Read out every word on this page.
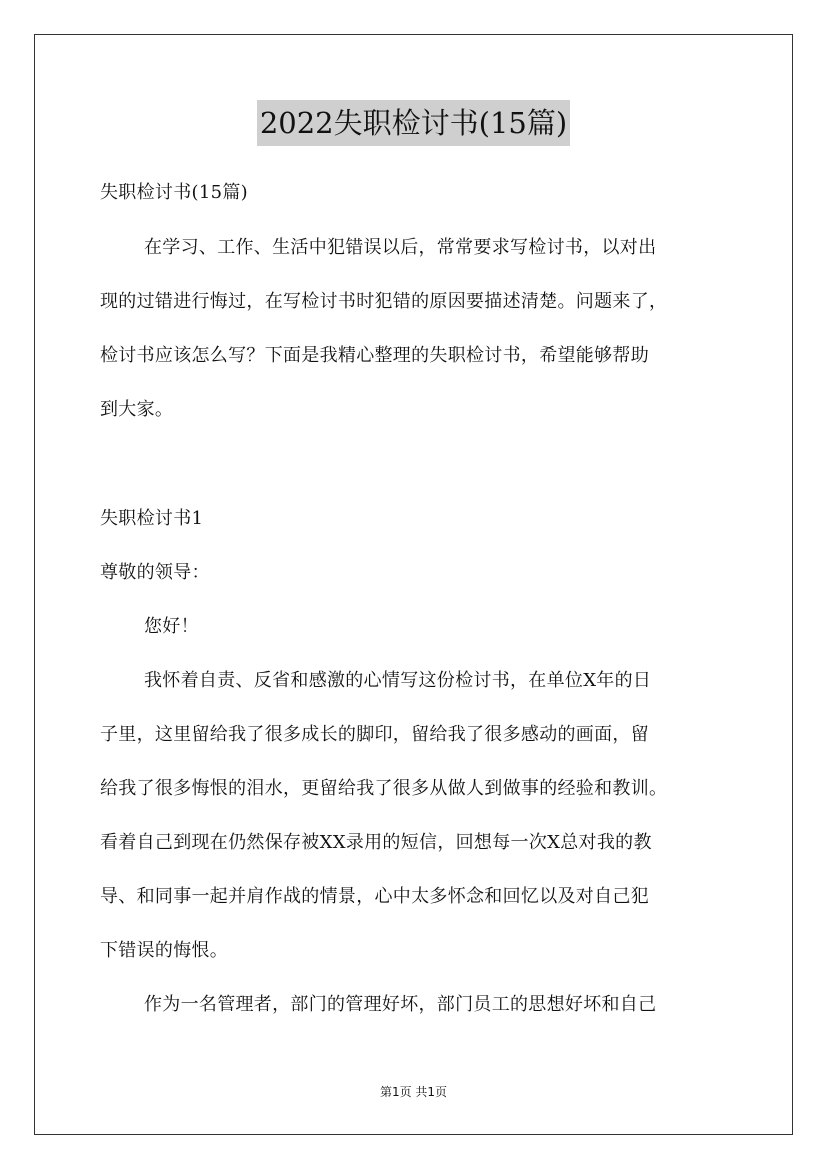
2022失职检讨书(15篇)
失职检讨书(15篇)
在学习、工作、生活中犯错误以后，常常要求写检讨书，以对出
现的过错进行悔过，在写检讨书时犯错的原因要描述清楚。问题来了，
检讨书应该怎么写？下面是我精心整理的失职检讨书，希望能够帮助
到大家。
失职检讨书1
尊敬的领导：
您好！
我怀着自责、反省和感激的心情写这份检讨书，在单位X年的日
子里，这里留给我了很多成长的脚印，留给我了很多感动的画面，留
给我了很多悔恨的泪水，更留给我了很多从做人到做事的经验和教训。
看着自己到现在仍然保存被XX录用的短信，回想每一次X总对我的教
导、和同事一起并肩作战的情景，心中太多怀念和回忆以及对自己犯
下错误的悔恨。
作为一名管理者，部门的管理好坏，部门员工的思想好坏和自己
第1页 共1页
